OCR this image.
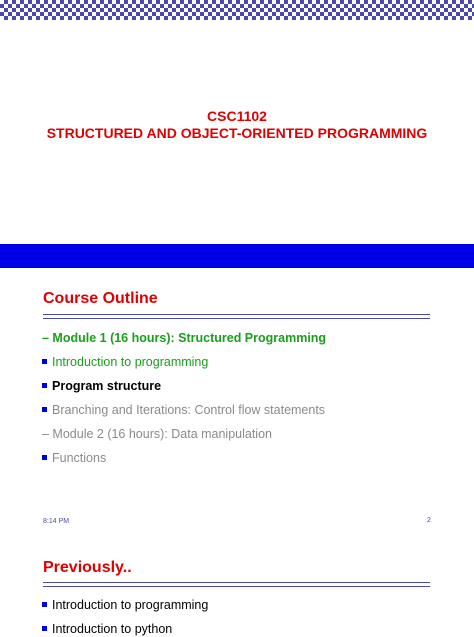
CSC1102
STRUCTURED AND OBJECT-ORIENTED PROGRAMMING
Course Outline
– Module 1 (16 hours): Structured Programming
Introduction to programming
Program structure
Branching and Iterations: Control flow statements
– Module 2 (16 hours): Data manipulation
Functions
8:14 PM	2
Previously..
Introduction to programming
Introduction to python
